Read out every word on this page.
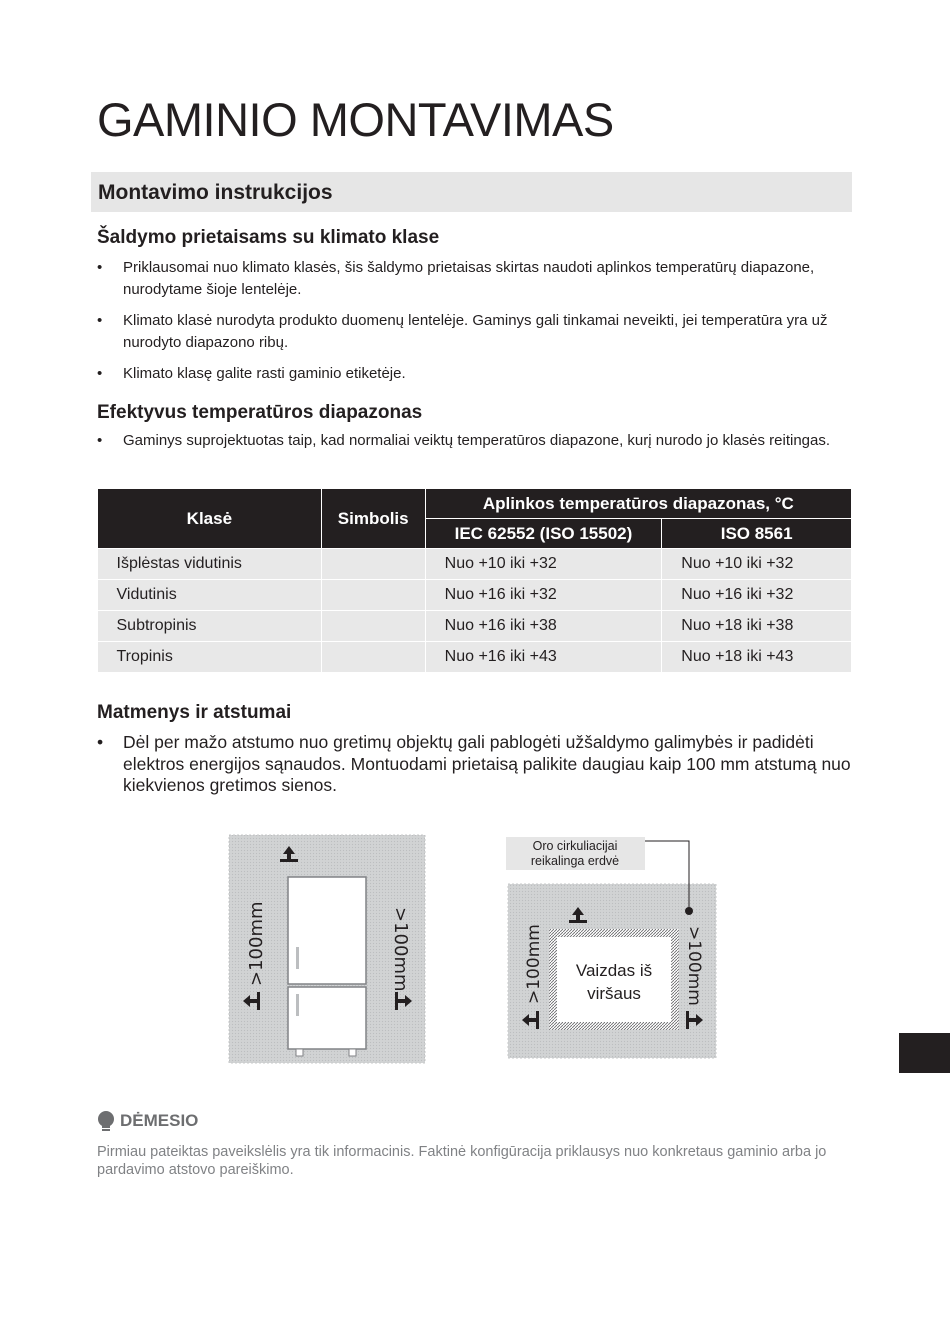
GAMINIO MONTAVIMAS
Montavimo instrukcijos
Šaldymo prietaisams su klimato klase
• Priklausomai nuo klimato klasės, šis šaldymo prietaisas skirtas naudoti aplinkos temperatūrų diapazone, nurodytame šioje lentelėje.
• Klimato klasė nurodyta produkto duomenų lentelėje. Gaminys gali tinkamai neveikti, jei temperatūra yra už nurodyto diapazono ribų.
• Klimato klasę galite rasti gaminio etiketėje.
Efektyvus temperatūros diapazonas
• Gaminys suprojektuotas taip, kad normaliai veiktų temperatūros diapazone, kurį nurodo jo klasės reitingas.
Klasė	Simbolis	Aplinkos temperatūros diapazonas, °C	
		IEC 62552 (ISO 15502)	ISO 8561
Išplėstas vidutinis		Nuo +10 iki +32	Nuo +10 iki +32
Vidutinis		Nuo +16 iki +32	Nuo +16 iki +32
Subtropinis		Nuo +16 iki +38	Nuo +18 iki +38
Tropinis		Nuo +16 iki +43	Nuo +18 iki +43
Matmenys ir atstumai
• Dėl per mažo atstumo nuo gretimų objektų gali pablogėti užšaldymo galimybės ir padidėti elektros energijos sąnaudos. Montuodami prietaisą palikite daugiau kaip 100 mm atstumą nuo kiekvienos gretimos sienos.
>100mm	>100mm
Oro cirkuliacijai
reikalinga erdvė
Vaizdas iš
viršaus
>100mm	>100mm
DĖMESIO

Pirmiau pateiktas paveikslėlis yra tik informacinis. Faktinė konfigūracija priklausys nuo konkretaus gaminio arba jo pardavimo atstovo pareiškimo.
